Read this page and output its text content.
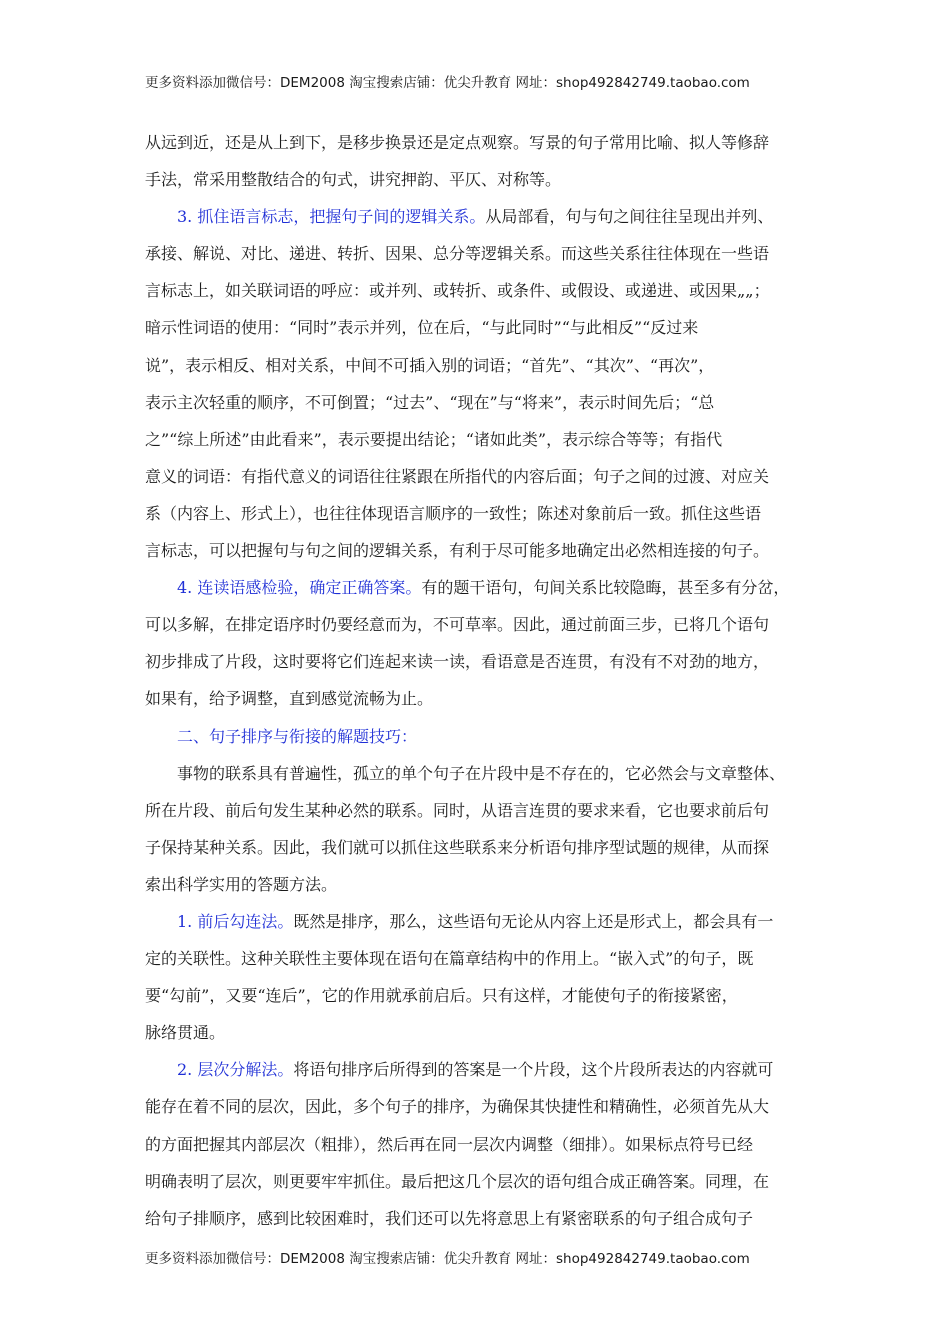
更多资料添加微信号：DEM2008 淘宝搜索店铺：优尖升教育 网址：shop492842749.taobao.com
从远到近，还是从上到下，是移步换景还是定点观察。写景的句子常用比喻、拟人等修辞
手法，常采用整散结合的句式，讲究押韵、平仄、对称等。
3. 抓住语言标志，把握句子间的逻辑关系。从局部看，句与句之间往往呈现出并列、
承接、解说、对比、递进、转折、因果、总分等逻辑关系。而这些关系往往体现在一些语
言标志上，如关联词语的呼应：或并列、或转折、或条件、或假设、或递进、或因果„„；
暗示性词语的使用：“同时”表示并列，位在后，“与此同时”“与此相反”“反过来
说”，表示相反、相对关系，中间不可插入别的词语；“首先”、“其次”、“再次”，
表示主次轻重的顺序，不可倒置；“过去”、“现在”与“将来”，表示时间先后；“总
之”“综上所述”由此看来”，表示要提出结论；“诸如此类”，表示综合等等；有指代
意义的词语：有指代意义的词语往往紧跟在所指代的内容后面；句子之间的过渡、对应关
系（内容上、形式上），也往往体现语言顺序的一致性；陈述对象前后一致。抓住这些语
言标志，可以把握句与句之间的逻辑关系，有利于尽可能多地确定出必然相连接的句子。
4. 连读语感检验，确定正确答案。有的题干语句，句间关系比较隐晦，甚至多有分岔，
可以多解，在排定语序时仍要经意而为，不可草率。因此，通过前面三步，已将几个语句
初步排成了片段，这时要将它们连起来读一读，看语意是否连贯，有没有不对劲的地方，
如果有，给予调整，直到感觉流畅为止。
二、句子排序与衔接的解题技巧：
事物的联系具有普遍性，孤立的单个句子在片段中是不存在的，它必然会与文章整体、
所在片段、前后句发生某种必然的联系。同时，从语言连贯的要求来看，它也要求前后句
子保持某种关系。因此，我们就可以抓住这些联系来分析语句排序型试题的规律，从而探
索出科学实用的答题方法。
1. 前后勾连法。既然是排序，那么，这些语句无论从内容上还是形式上，都会具有一
定的关联性。这种关联性主要体现在语句在篇章结构中的作用上。“嵌入式”的句子，既
要“勾前”，又要“连后”，它的作用就承前启后。只有这样，才能使句子的衔接紧密，
脉络贯通。
2. 层次分解法。将语句排序后所得到的答案是一个片段，这个片段所表达的内容就可
能存在着不同的层次，因此，多个句子的排序，为确保其快捷性和精确性，必须首先从大
的方面把握其内部层次（粗排），然后再在同一层次内调整（细排）。如果标点符号已经
明确表明了层次，则更要牢牢抓住。最后把这几个层次的语句组合成正确答案。同理，在
给句子排顺序，感到比较困难时，我们还可以先将意思上有紧密联系的句子组合成句子
更多资料添加微信号：DEM2008 淘宝搜索店铺：优尖升教育 网址：shop492842749.taobao.com
